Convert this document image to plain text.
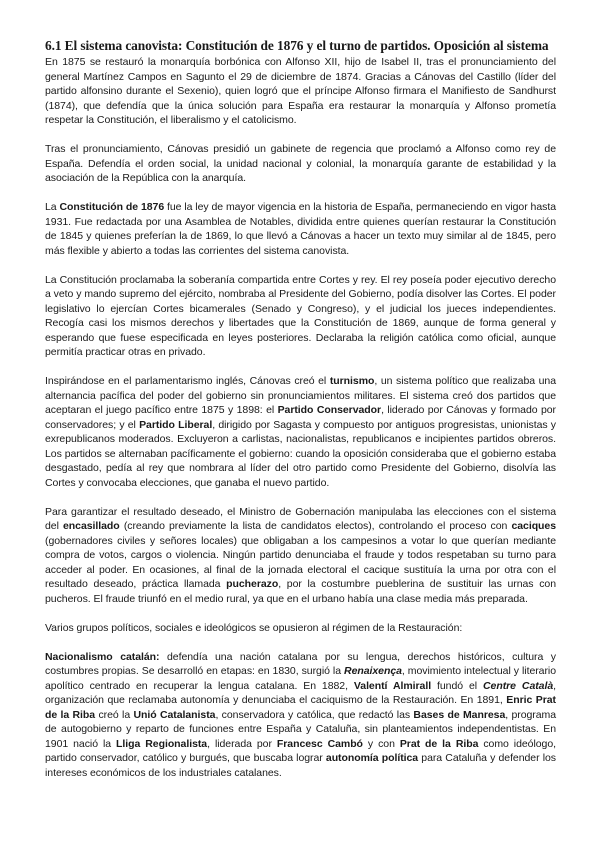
6.1 El sistema canovista: Constitución de 1876 y el turno de partidos. Oposición al sistema

En 1875 se restauró la monarquía borbónica con Alfonso XII, hijo de Isabel II, tras el pronunciamiento del general Martínez Campos en Sagunto el 29 de diciembre de 1874. Gracias a Cánovas del Castillo (líder del partido alfonsino durante el Sexenio), quien logró que el príncipe Alfonso firmara el Manifiesto de Sandhurst (1874), que defendía que la única solución para España era restaurar la monarquía y Alfonso prometía respetar la Constitución, el liberalismo y el catolicismo.

Tras el pronunciamiento, Cánovas presidió un gabinete de regencia que proclamó a Alfonso como rey de España. Defendía el orden social, la unidad nacional y colonial, la monarquía garante de estabilidad y la asociación de la República con la anarquía.

La Constitución de 1876 fue la ley de mayor vigencia en la historia de España, permaneciendo en vigor hasta 1931. Fue redactada por una Asamblea de Notables, dividida entre quienes querían restaurar la Constitución de 1845 y quienes preferían la de 1869, lo que llevó a Cánovas a hacer un texto muy similar al de 1845, pero más flexible y abierto a todas las corrientes del sistema canovista.

La Constitución proclamaba la soberanía compartida entre Cortes y rey. El rey poseía poder ejecutivo derecho a veto y mando supremo del ejército, nombraba al Presidente del Gobierno, podía disolver las Cortes. El poder legislativo lo ejercían Cortes bicamerales (Senado y Congreso), y el judicial los jueces independientes. Recogía casi los mismos derechos y libertades que la Constitución de 1869, aunque de forma general y esperando que fuese especificada en leyes posteriores. Declaraba la religión católica como oficial, aunque permitía practicar otras en privado.

Inspirándose en el parlamentarismo inglés, Cánovas creó el turnismo, un sistema político que realizaba una alternancia pacífica del poder del gobierno sin pronunciamientos militares. El sistema creó dos partidos que aceptaran el juego pacífico entre 1875 y 1898: el Partido Conservador, liderado por Cánovas y formado por conservadores; y el Partido Liberal, dirigido por Sagasta y compuesto por antiguos progresistas, unionistas y exrepublicanos moderados. Excluyeron a carlistas, nacionalistas, republicanos e incipientes partidos obreros. Los partidos se alternaban pacíficamente el gobierno: cuando la oposición consideraba que el gobierno estaba desgastado, pedía al rey que nombrara al líder del otro partido como Presidente del Gobierno, disolvía las Cortes y convocaba elecciones, que ganaba el nuevo partido.

Para garantizar el resultado deseado, el Ministro de Gobernación manipulaba las elecciones con el sistema del encasillado (creando previamente la lista de candidatos electos), controlando el proceso con caciques (gobernadores civiles y señores locales) que obligaban a los campesinos a votar lo que querían mediante compra de votos, cargos o violencia. Ningún partido denunciaba el fraude y todos respetaban su turno para acceder al poder. En ocasiones, al final de la jornada electoral el cacique sustituía la urna por otra con el resultado deseado, práctica llamada pucherazo, por la costumbre pueblerina de sustituir las urnas con pucheros. El fraude triunfó en el medio rural, ya que en el urbano había una clase media más preparada.

Varios grupos políticos, sociales e ideológicos se opusieron al régimen de la Restauración:

Nacionalismo catalán: defendía una nación catalana por su lengua, derechos históricos, cultura y costumbres propias. Se desarrolló en etapas: en 1830, surgió la Renaixença, movimiento intelectual y literario apolítico centrado en recuperar la lengua catalana. En 1882, Valentí Almirall fundó el Centre Català, organización que reclamaba autonomía y denunciaba el caciquismo de la Restauración. En 1891, Enric Prat de la Riba creó la Unió Catalanista, conservadora y católica, que redactó las Bases de Manresa, programa de autogobierno y reparto de funciones entre España y Cataluña, sin planteamientos independentistas. En 1901 nació la Lliga Regionalista, liderada por Francesc Cambó y con Prat de la Riba como ideólogo, partido conservador, católico y burgués, que buscaba lograr autonomía política para Cataluña y defender los intereses económicos de los industriales catalanes.
